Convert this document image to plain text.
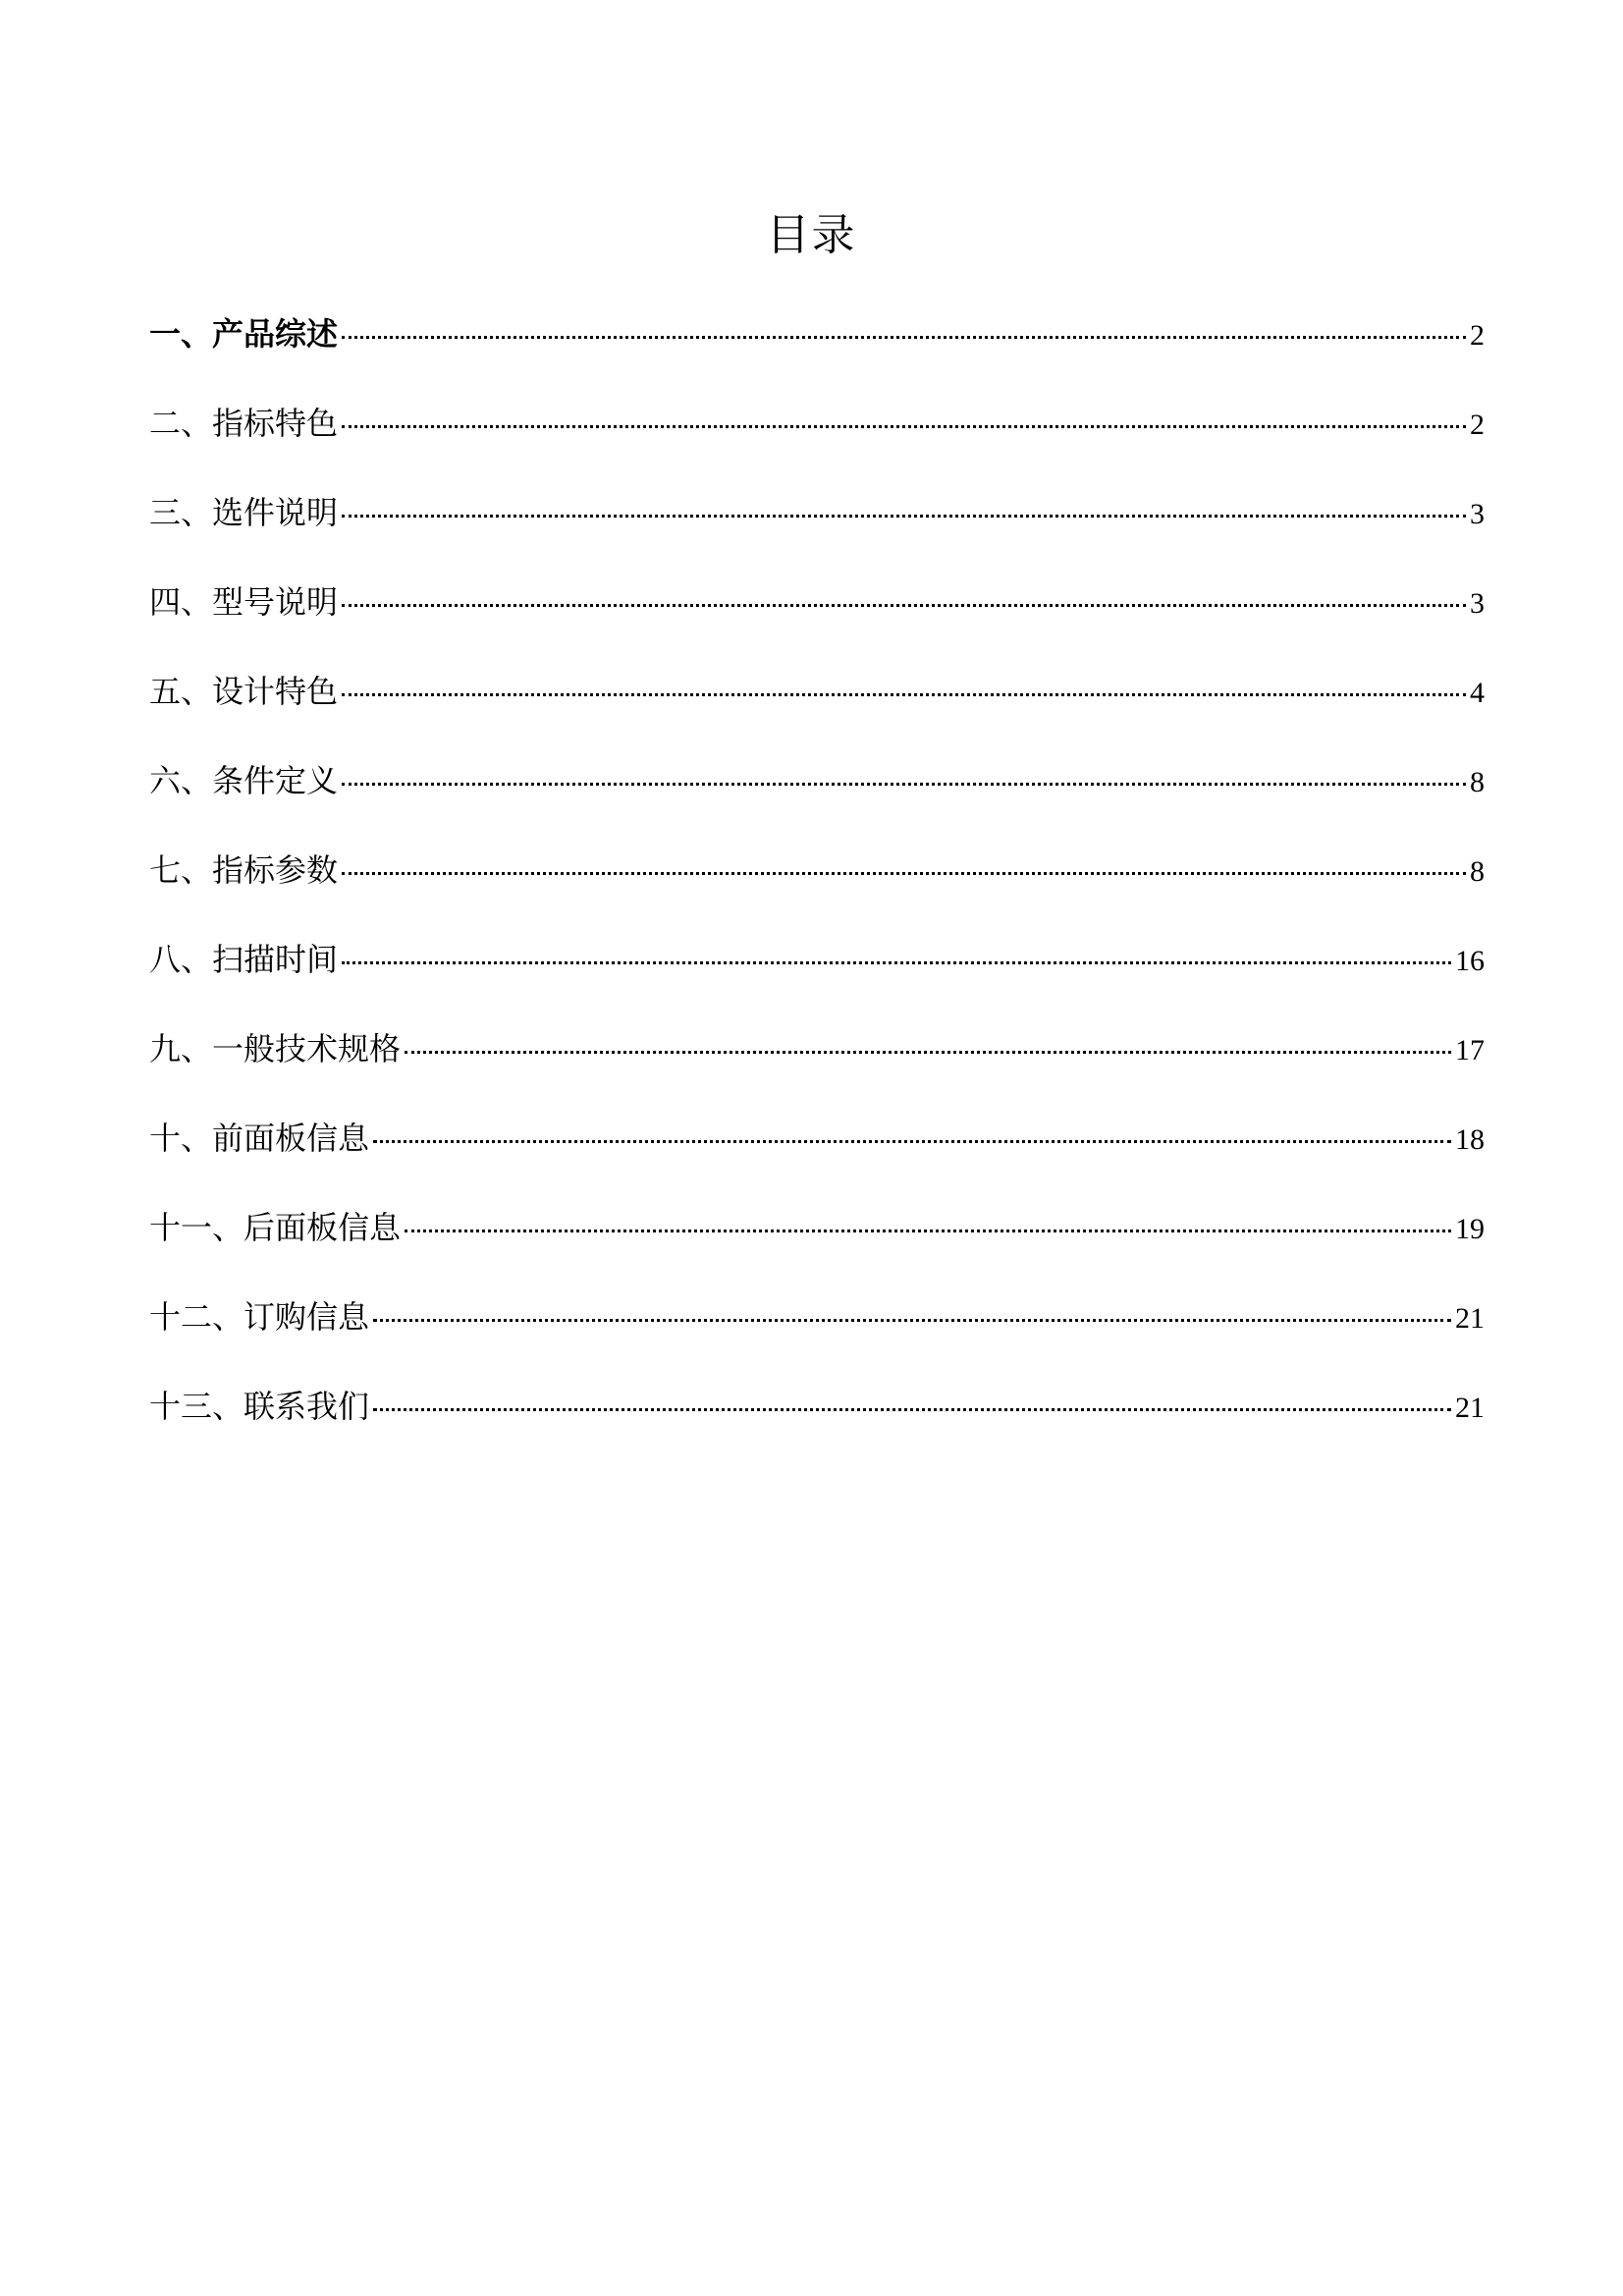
目录
一、产品综述	2
二、指标特色	2
三、选件说明	3
四、型号说明	3
五、设计特色	4
六、条件定义	8
七、指标参数	8
八、扫描时间	16
九、一般技术规格	17
十、前面板信息	18
十一、后面板信息	19
十二、订购信息	21
十三、联系我们	21
